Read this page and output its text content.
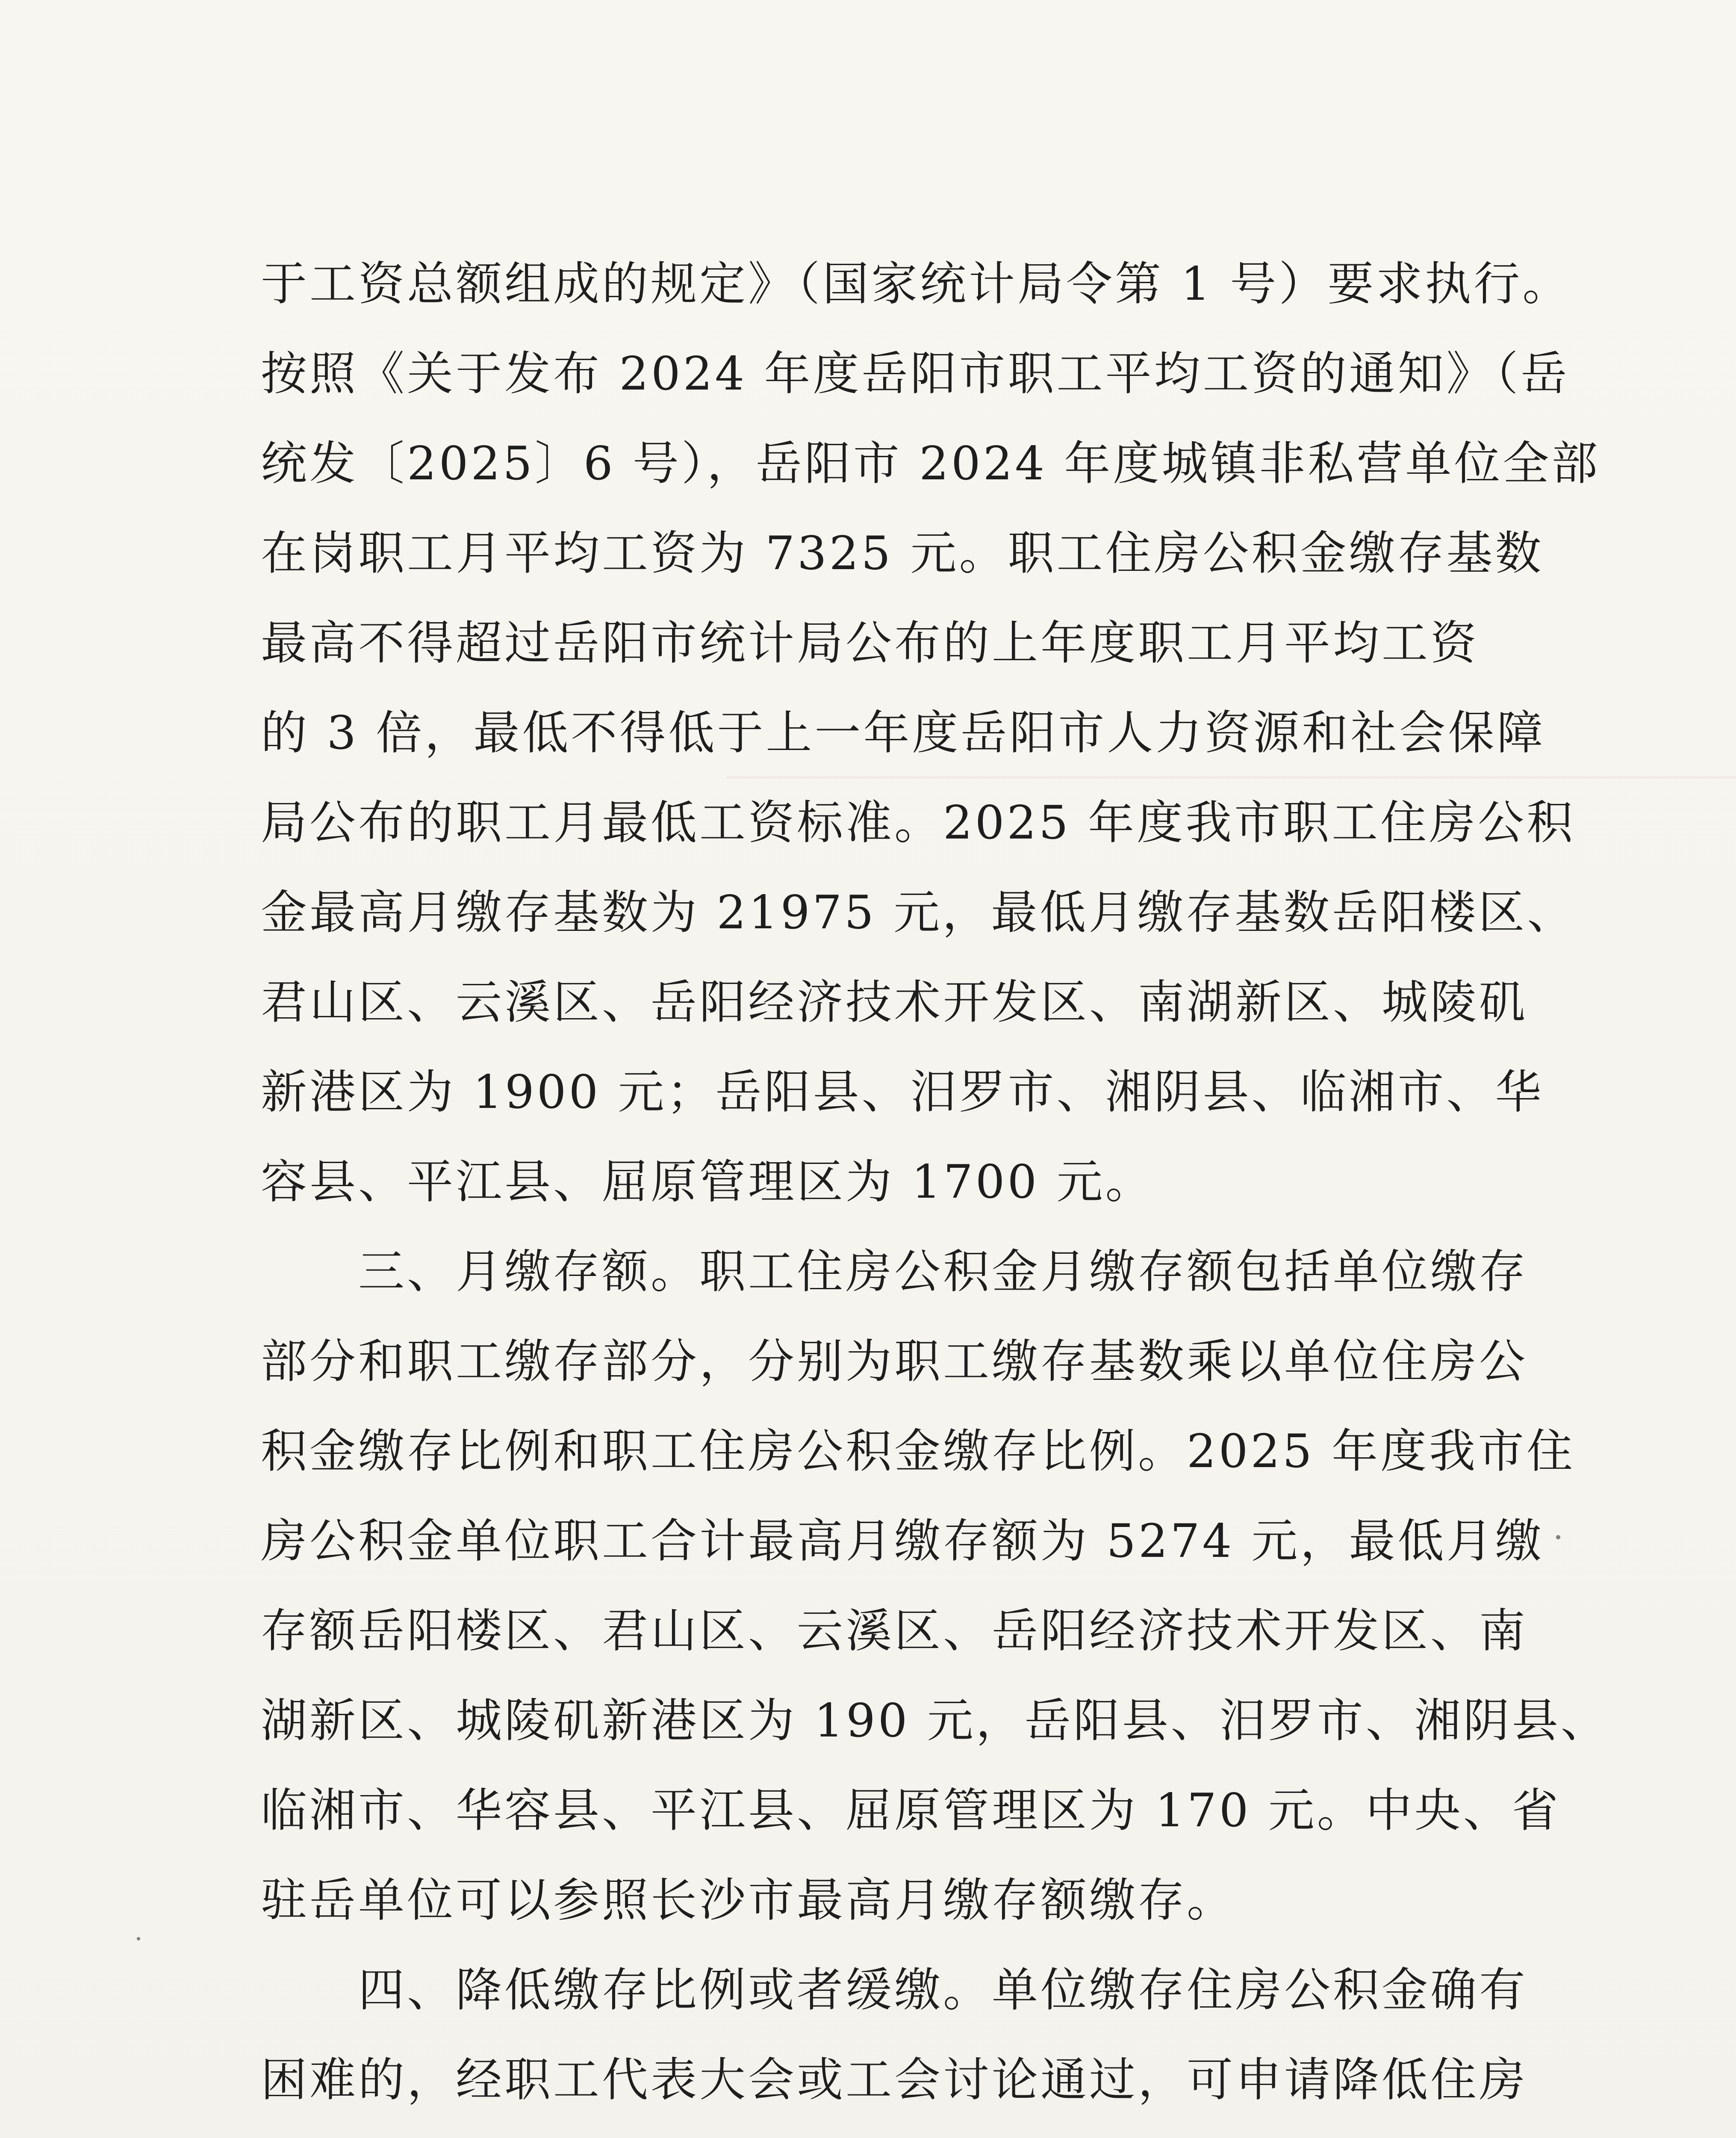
于工资总额组成的规定》（国家统计局令第 1 号）要求执行。
按照《关于发布 2024 年度岳阳市职工平均工资的通知》（岳
统发〔2025〕6 号），岳阳市 2024 年度城镇非私营单位全部
在岗职工月平均工资为 7325 元。职工住房公积金缴存基数
最高不得超过岳阳市统计局公布的上年度职工月平均工资
的 3 倍，最低不得低于上一年度岳阳市人力资源和社会保障
局公布的职工月最低工资标准。2025 年度我市职工住房公积
金最高月缴存基数为 21975 元，最低月缴存基数岳阳楼区、
君山区、云溪区、岳阳经济技术开发区、南湖新区、城陵矶
新港区为 1900 元；岳阳县、汨罗市、湘阴县、临湘市、华
容县、平江县、屈原管理区为 1700 元。
三、月缴存额。职工住房公积金月缴存额包括单位缴存
部分和职工缴存部分，分别为职工缴存基数乘以单位住房公
积金缴存比例和职工住房公积金缴存比例。2025 年度我市住
房公积金单位职工合计最高月缴存额为 5274 元，最低月缴
存额岳阳楼区、君山区、云溪区、岳阳经济技术开发区、南
湖新区、城陵矶新港区为 190 元，岳阳县、汨罗市、湘阴县、
临湘市、华容县、平江县、屈原管理区为 170 元。中央、省
驻岳单位可以参照长沙市最高月缴存额缴存。
四、降低缴存比例或者缓缴。单位缴存住房公积金确有
困难的，经职工代表大会或工会讨论通过，可申请降低住房
